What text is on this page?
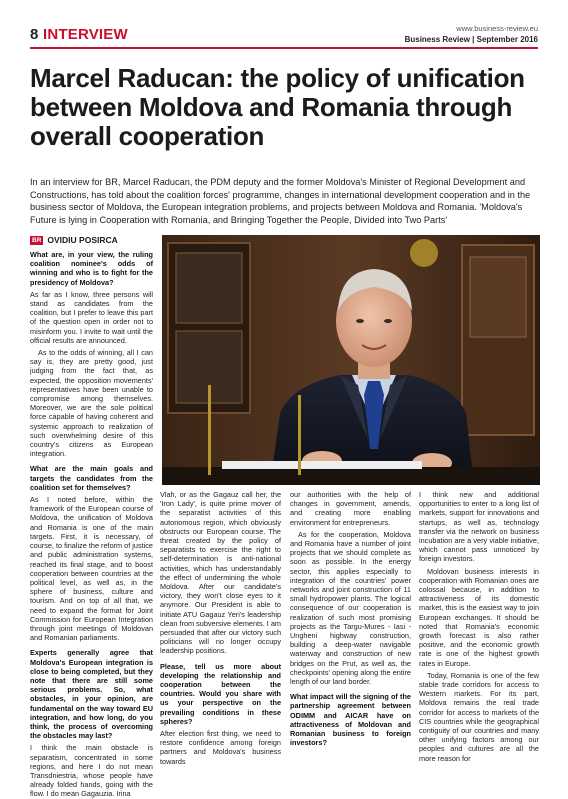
8 INTERVIEW	www.business-review.eu
Business Review | September 2016
Marcel Raducan: the policy of unification between Moldova and Romania through overall cooperation
In an interview for BR, Marcel Raducan, the PDM deputy and the former Moldova's Minister of Regional Development and Constructions, has told about the coalition forces' programme, changes in international development cooperation and in the business sector of Moldova, the European integration problems, and projects between Moldova and Romania. 'Moldova's Future is lying in Cooperation with Romania, and Bringing Together the People, Divided into Two Parts'
BR OVIDIU POSIRCA

What are, in your view, the ruling coalition nominee's odds of winning and who is to fight for the presidency of Moldova?

As far as I know, three persons will stand as candidates from the coalition, but I prefer to leave this part of the question open in order not to misinform you. I invite to wait until the official results are announced.

As to the odds of winning, all I can say is, they are pretty good, just judging from the fact that, as expected, the opposition movements' representatives have been unable to compromise among themselves. Moreover, we are the sole political force capable of having coherent and systemic approach to realization of such overwhelming desire of this country's citizens as European integration.

What are the main goals and targets the candidates from the coalition set for themselves?

As I noted before, within the framework of the European course of Moldova, the unification of Moldova and Romania is one of the main targets. First, it is necessary, of course, to finalize the reform of justice and public administration systems, reached its final stage, and to boost cooperation between countries at the political level, as well as, in the sphere of business, culture and tourism. And on top of all that, we need to expand the format for Joint Commission for European Integration through joint meetings of Moldovan and Romanian parliaments.

Experts generally agree that Moldova's European integration is close to being completed, but they note that there are still some serious problems. So, what obstacles, in your opinion, are fundamental on the way toward EU integration, and how long, do you think, the process of overcoming the obstacles may last?

I think the main obstacle is separatism, concentrated in some regions, and here I do not mean Transdniestria, whose people have already folded hands, going with the flow. I do mean Gagauzia. Irina

Vlah, or as the Gagauz call her, the 'Iron Lady', is quite prime mover of the separatist activities of this autonomous region, which obviously obstructs our European course. The threat created by the policy of separatists to exercise the right to self-determination is anti-national activities, which has understandably the effect of undermining the whole Moldova. After our candidate's victory, they won't close eyes to it anymore. Our President is able to initiate ATU Gagauz Yeri's leadership clean from subversive elements. I am persuaded that after our victory such politicians will no longer occupy leadership positions.

Please, tell us more about developing the relationship and cooperation between the countries. Would you share with us your perspective on the prevailing conditions in these spheres?

After election first thing, we need to restore confidence among foreign partners and Moldova's business towards

our authorities with the help of changes in government, amends, and creating more enabling environment for entrepreneurs.

As for the cooperation, Moldova and Romania have a number of joint projects that we should complete as soon as possible. In the energy sector, this applies especially to integration of the countries' power networks and joint construction of 11 small hydropower plants. The logical consequence of our cooperation is realization of such most promising projects as the Targu-Mures - Iasi - Ungheni highway construction, building a deep-water navigable waterway and construction of new bridges on the Prut, as well as, the checkpoints' opening along the entire length of our land border.

What impact will the signing of the partnership agreement between ODIMM and AICAR have on attractiveness of Moldovan and Romanian business to foreign investors?

I think new and additional opportunities to enter to a long list of markets, support for innovations and startups, as well as, technology transfer via the network on business incubation are a very viable initiative, which cannot pass unnoticed by foreign investors.

Moldovan business interests in cooperation with Romanian ones are colossal because, in addition to attractiveness of its domestic market, this is the easiest way to join European exchanges. It should be noted that Romania's economic growth forecast is also rather positive, and the economic growth rate is one of the highest growth rates in Europe.

Today, Romania is one of the few stable trade corridors for access to Western markets. For its part, Moldova remains the real trade corridor for access to markets of the CIS countries while the geographical contiguity of our countries and many other unifying factors among our peoples and cultures are all the more reason for
